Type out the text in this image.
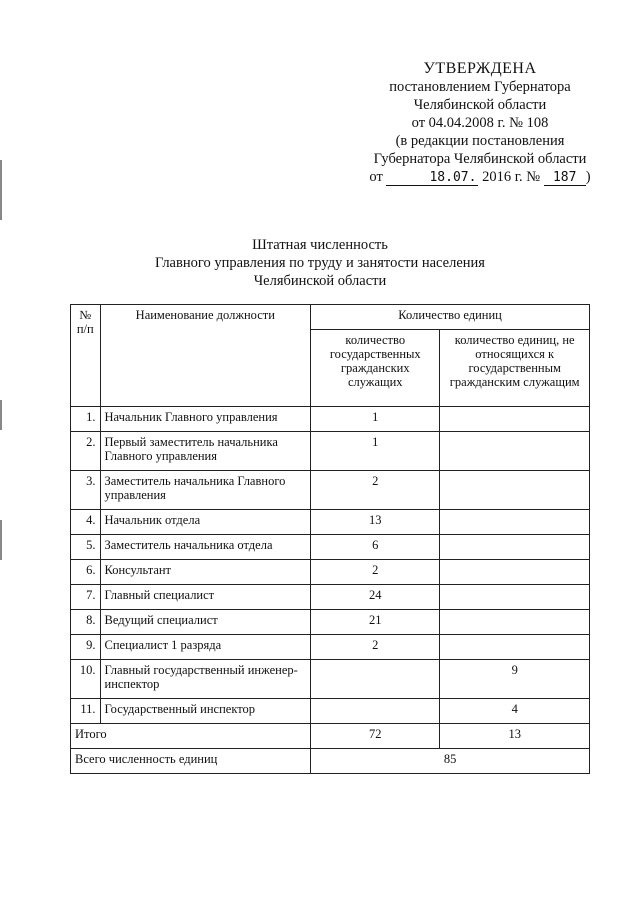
УТВЕРЖДЕНА
постановлением Губернатора
Челябинской области
от 04.04.2008 г. № 108
(в редакции постановления
Губернатора Челябинской области
от	18.07. 2016 г. № 187 )
Штатная численность
Главного управления по труду и занятости населения
Челябинской области
№ п/п	Наименование должности	Количество единиц	
		количество государственных гражданских служащих	количество единиц, не относящихся к государственным гражданским служащим
1.	Начальник Главного управления	1	
2.	Первый заместитель начальника Главного управления	1	
3.	Заместитель начальника Главного управления	2	
4.	Начальник отдела	13	
5.	Заместитель начальника отдела	6	
6.	Консультант	2	
7.	Главный специалист	24	
8.	Ведущий специалист	21	
9.	Специалист 1 разряда	2	
10.	Главный государственный инженер-инспектор		9
11.	Государственный инспектор		4
Итого		72	13
Всего численность единиц		85	
